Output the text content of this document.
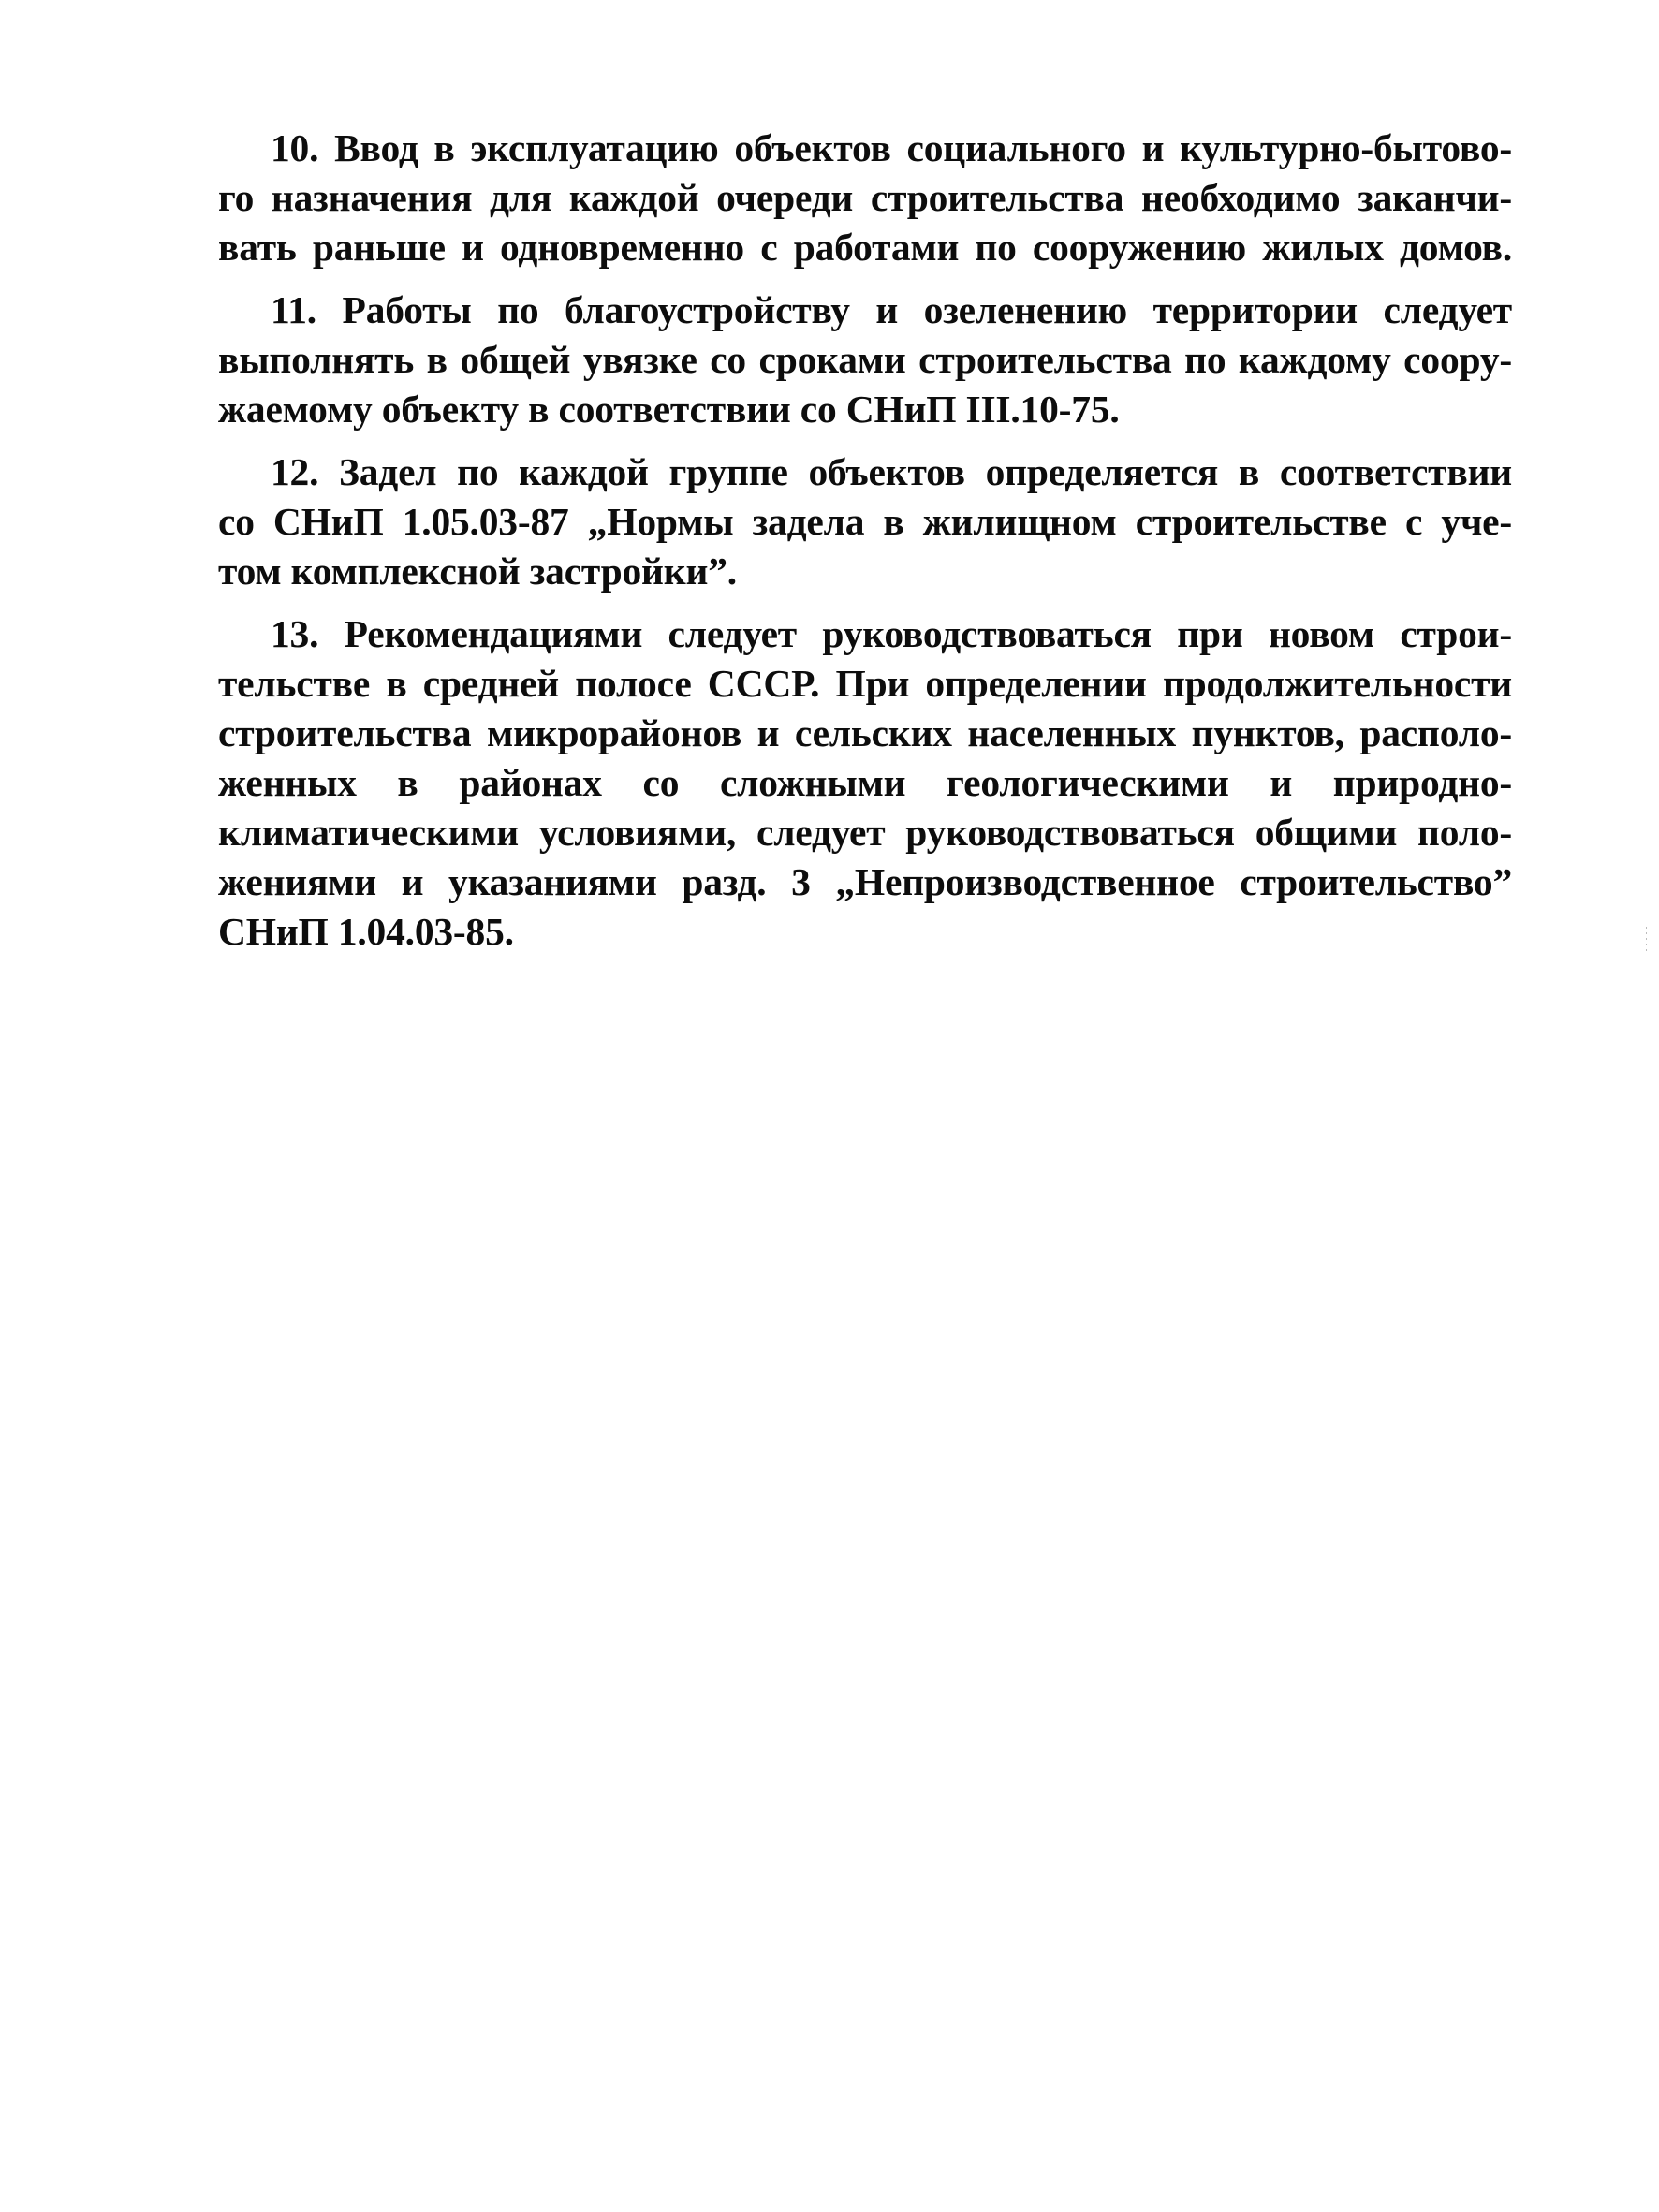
10. Ввод в эксплуатацию объектов социального и культурно-бытово-
го назначения для каждой очереди строительства необходимо заканчи-
вать раньше и одновременно с работами по сооружению жилых домов.
11. Работы по благоустройству и озеленению территории следует
выполнять в общей увязке со сроками строительства по каждому соору-
жаемому объекту в соответствии со СНиП III.10-75.
12. Задел по каждой группе объектов определяется в соответствии
со СНиП 1.05.03-87 „Нормы задела в жилищном строительстве с уче-
том комплексной застройки”.
13. Рекомендациями следует руководствоваться при новом строи-
тельстве в средней полосе СССР. При определении продолжительности
строительства микрорайонов и сельских населенных пунктов, располо-
женных в районах со сложными геологическими и природно-
климатическими условиями, следует руководствоваться общими поло-
жениями и указаниями разд. 3 „Непроизводственное строительство”
СНиП 1.04.03-85.
